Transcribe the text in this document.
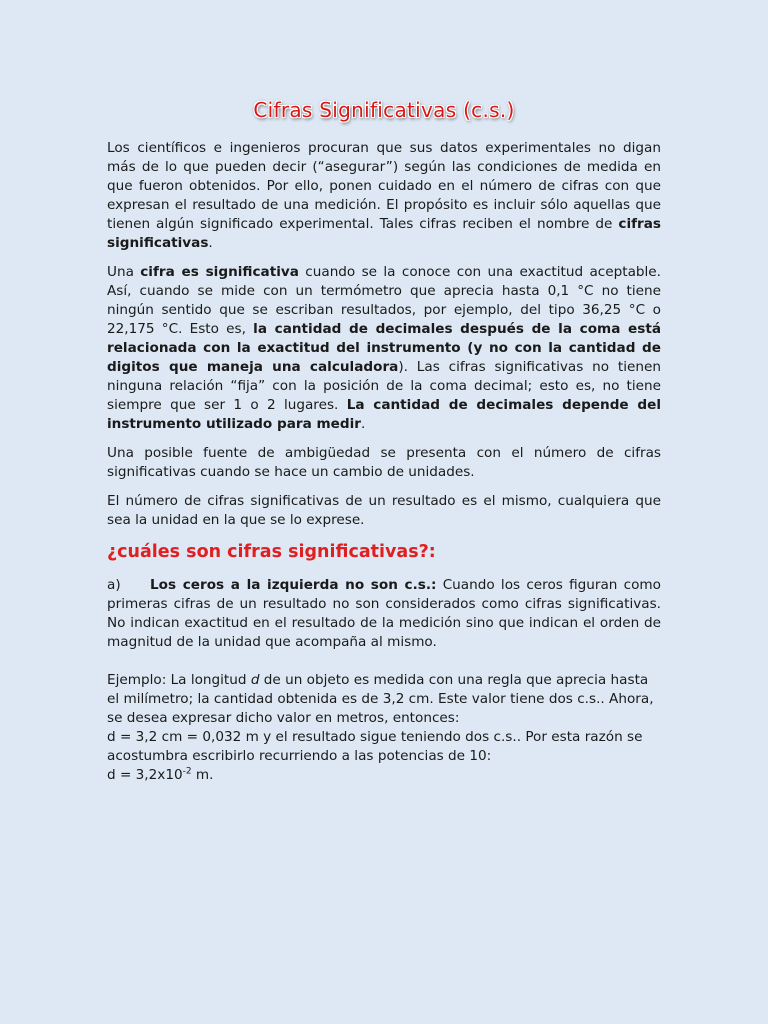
Cifras Significativas (c.s.)

Los científicos e ingenieros procuran que sus datos experimentales no digan más de lo que pueden decir (“asegurar”) según las condiciones de medida en que fueron obtenidos. Por ello, ponen cuidado en el número de cifras con que expresan el resultado de una medición. El propósito es incluir sólo aquellas que tienen algún significado experimental. Tales cifras reciben el nombre de cifras significativas.

Una cifra es significativa cuando se la conoce con una exactitud aceptable. Así, cuando se mide con un termómetro que aprecia hasta 0,1 °C no tiene ningún sentido que se escriban resultados, por ejemplo, del tipo 36,25 °C o 22,175 °C. Esto es, la cantidad de decimales después de la coma está relacionada con la exactitud del instrumento (y no con la cantidad de digitos que maneja una calculadora). Las cifras significativas no tienen ninguna relación “fija” con la posición de la coma decimal; esto es, no tiene siempre que ser 1 o 2 lugares. La cantidad de decimales depende del instrumento utilizado para medir.

Una posible fuente de ambigüedad se presenta con el número de cifras significativas cuando se hace un cambio de unidades.

El número de cifras significativas de un resultado es el mismo, cualquiera que sea la unidad en la que se lo exprese.

¿cuáles son cifras significativas?:

a) Los ceros a la izquierda no son c.s.: Cuando los ceros figuran como primeras cifras de un resultado no son considerados como cifras significativas. No indican exactitud en el resultado de la medición sino que indican el orden de magnitud de la unidad que acompaña al mismo.

Ejemplo: La longitud d de un objeto es medida con una regla que aprecia hasta el milímetro; la cantidad obtenida es de 3,2 cm. Este valor tiene dos c.s.. Ahora, se desea expresar dicho valor en metros, entonces:
d = 3,2 cm = 0,032 m y el resultado sigue teniendo dos c.s.. Por esta razón se acostumbra escribirlo recurriendo a las potencias de 10:
$d = 3,2x10^{-2}$ m.
